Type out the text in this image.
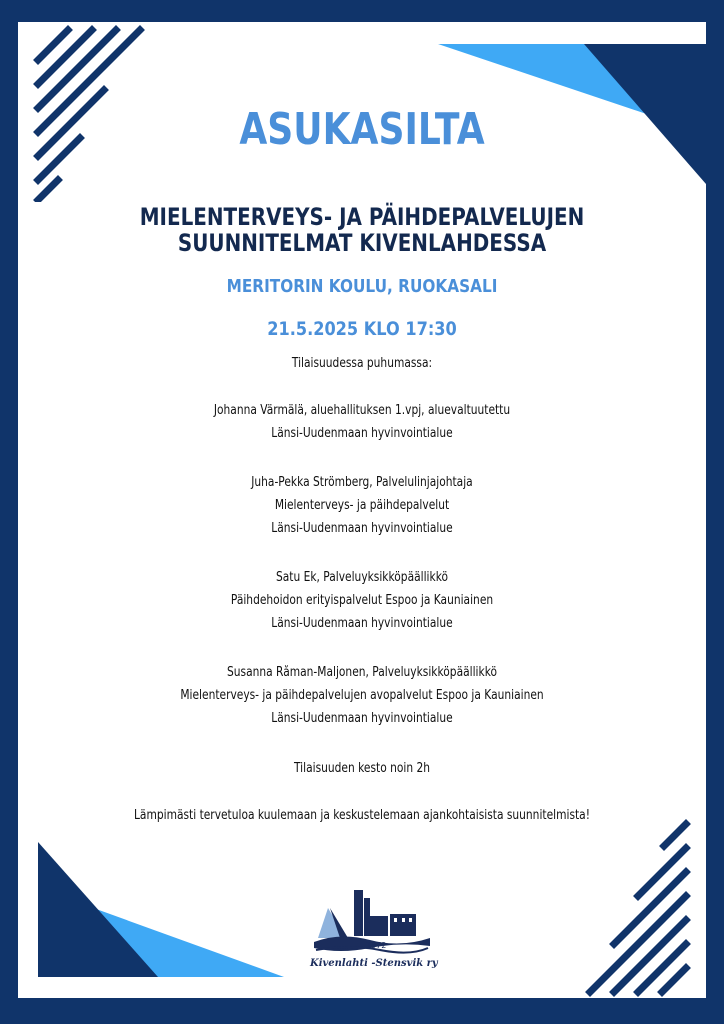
ASUKASILTA
MIELENTERVEYS- JA PÄIHDEPALVELUJEN
SUUNNITELMAT KIVENLAHDESSA
MERITORIN KOULU, RUOKASALI
21.5.2025 KLO 17:30
Tilaisuudessa puhumassa:
Johanna Värmälä, aluehallituksen 1.vpj, aluevaltuutettu
Länsi-Uudenmaan hyvinvointialue
Juha-Pekka Strömberg, Palvelulinjajohtaja
Mielenterveys- ja päihdepalvelut
Länsi-Uudenmaan hyvinvointialue
Satu Ek, Palveluyksikköpäällikkö
Päihdehoidon erityispalvelut Espoo ja Kauniainen
Länsi-Uudenmaan hyvinvointialue
Susanna Råman-Maljonen, Palveluyksikköpäällikkö
Mielenterveys- ja päihdepalvelujen avopalvelut Espoo ja Kauniainen
Länsi-Uudenmaan hyvinvointialue
Tilaisuuden kesto noin 2h
Lämpimästi tervetuloa kuulemaan ja keskustelemaan ajankohtaisista suunnitelmista!
1972
Kivenlahti -Stensvik ry
